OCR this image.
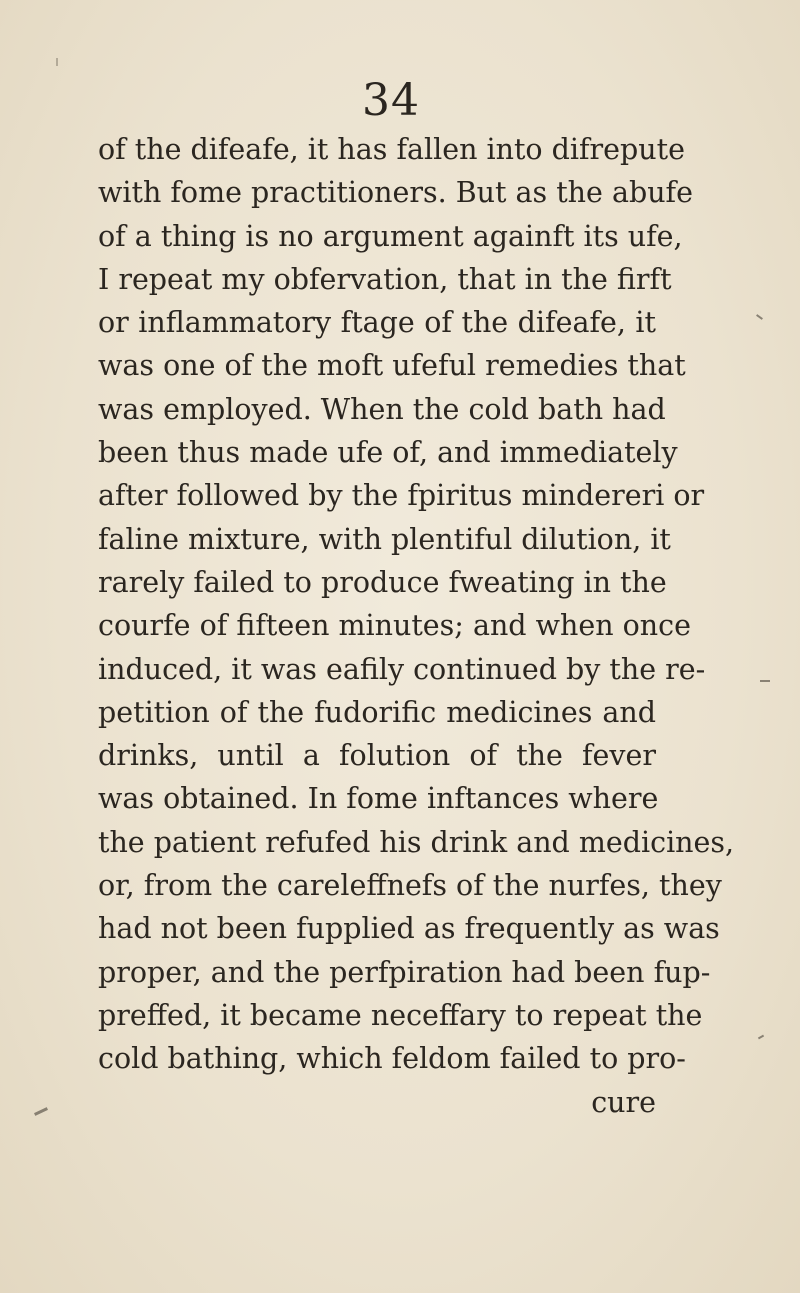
34
of the difeafe, it has fallen into difrepute
with fome practitioners. But as the abufe
of a thing is no argument againft its ufe,
I repeat my obfervation, that in the firft
or inflammatory ftage of the difeafe, it
was one of the moft ufeful remedies that
was employed. When the cold bath had
been thus made ufe of, and immediately
after followed by the fpiritus mindereri or
faline mixture, with plentiful dilution, it
rarely failed to produce fweating in the
courfe of fifteen minutes; and when once
induced, it was eafily continued by the re-
petition of the fudorific medicines and
drinks, until a folution of the fever
was obtained. In fome inftances where
the patient refufed his drink and medicines,
or, from the careleffnefs of the nurfes, they
had not been fupplied as frequently as was
proper, and the perfpiration had been fup-
preffed, it became neceffary to repeat the
cold bathing, which feldom failed to pro-
cure
